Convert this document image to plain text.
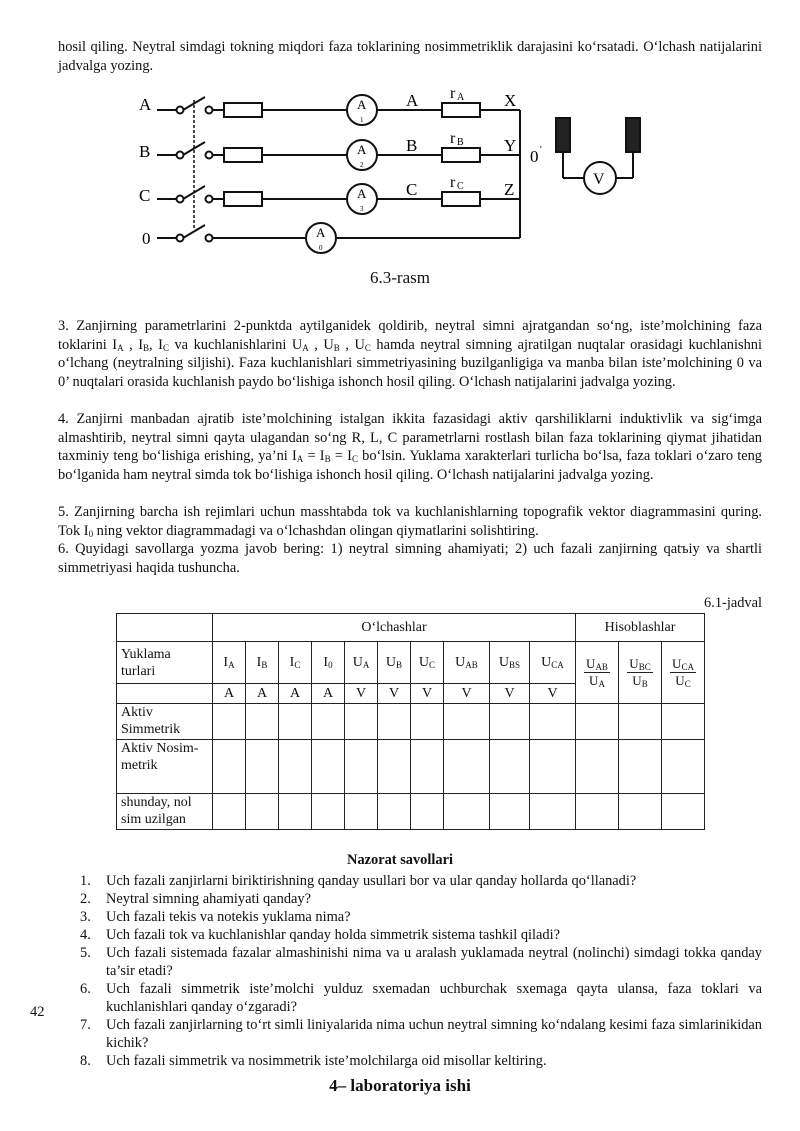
hosil qiling. Neytral simdagi tokning miqdori faza toklarining nosimmetriklik darajasini ko‘rsatadi. O‘lchash natijalarini jadvalga yozing.

A
B
C
0
A
1
A
2
A
3
A
0
A
B
C
r A
r B
r C
X
Y
Z
0 '
V
6.3-rasm

3. Zanjirning parametrlarini 2-punktda aytilganidek qoldirib, neytral simni ajratgandan so‘ng, iste’molchining faza toklarini $I_A$ , $I_B$, $I_C$ va kuchlanishlarini $U_A$ , $U_B$ , $U_C$ hamda neytral simning ajratilgan nuqtalar orasidagi kuchlanishni o‘lchang (neytralning siljishi). Faza kuchlanishlari simmetriyasining buzilganligiga va manba bilan iste’molchining 0 va 0’ nuqtalari orasida kuchlanish paydo bo‘lishiga ishonch hosil qiling. O‘lchash natijalarini jadvalga yozing.

4. Zanjirni manbadan ajratib iste’molchining istalgan ikkita fazasidagi aktiv qarshiliklarni induktivlik va sig‘imga almashtirib, neytral simni qayta ulagandan so‘ng R, L, C parametrlarni rostlash bilan faza toklarining qiymat jihatidan taxminiy teng bo‘lishiga erishing, ya’ni $I_A = I_B = I_C$ bo‘lsin. Yuklama xarakterlari turlicha bo‘lsa, faza toklari o‘zaro teng bo‘lganida ham neytral simda tok bo‘lishiga ishonch hosil qiling. O‘lchash natijalarini jadvalga yozing.

5. Zanjirning barcha ish rejimlari uchun masshtabda tok va kuchlanishlarning topografik vektor diagrammasini quring. Tok $I_0$ ning vektor diagrammadagi va o‘lchashdan olingan qiymatlarini solishtiring.

6. Quyidagi savollarga yozma javob bering: 1) neytral simning ahamiyati; 2) uch fazali zanjirning qatъiy va shartli simmetriyasi haqida tushuncha.

6.1-jadval
	O‘lchashlar										Hisoblashlar		
Yuklama turlari	$I_A$	$I_B$	$I_C$	$I_0$	$U_A$	$U_B$	$U_C$	$U_{AB}$	$U_{BS}$	$U_{CA}$	$\frac{U_{AB}}{U_A}$	$\frac{U_{BC}}{U_B}$	$\frac{U_{CA}}{U_C}$
	A	A	A	A	V	V	V	V	V	V			
Aktiv Simmetrik													
Aktiv Nosim-metrik													
shunday, nol sim uzilgan													
Nazorat savollari
1. Uch fazali zanjirlarni biriktirishning qanday usullari bor va ular qanday hollarda qo‘llanadi?
2. Neytral simning ahamiyati qanday?
3. Uch fazali tekis va notekis yuklama nima?
4. Uch fazali tok va kuchlanishlar qanday holda simmetrik sistema tashkil qiladi?
5. Uch fazali sistemada fazalar almashinishi nima va u aralash yuklamada neytral (nolinchi) simdagi tokka qanday ta’sir etadi?
6. Uch fazali simmetrik iste’molchi yulduz sxemadan uchburchak sxemaga qayta ulansa, faza toklari va kuchlanishlari qanday o‘zgaradi?
7. Uch fazali zanjirlarning to‘rt simli liniyalarida nima uchun neytral simning ko‘ndalang kesimi faza simlarinikidan kichik?
8. Uch fazali simmetrik va nosimmetrik iste’molchilarga oid misollar keltiring.
42
4– laboratoriya ishi
